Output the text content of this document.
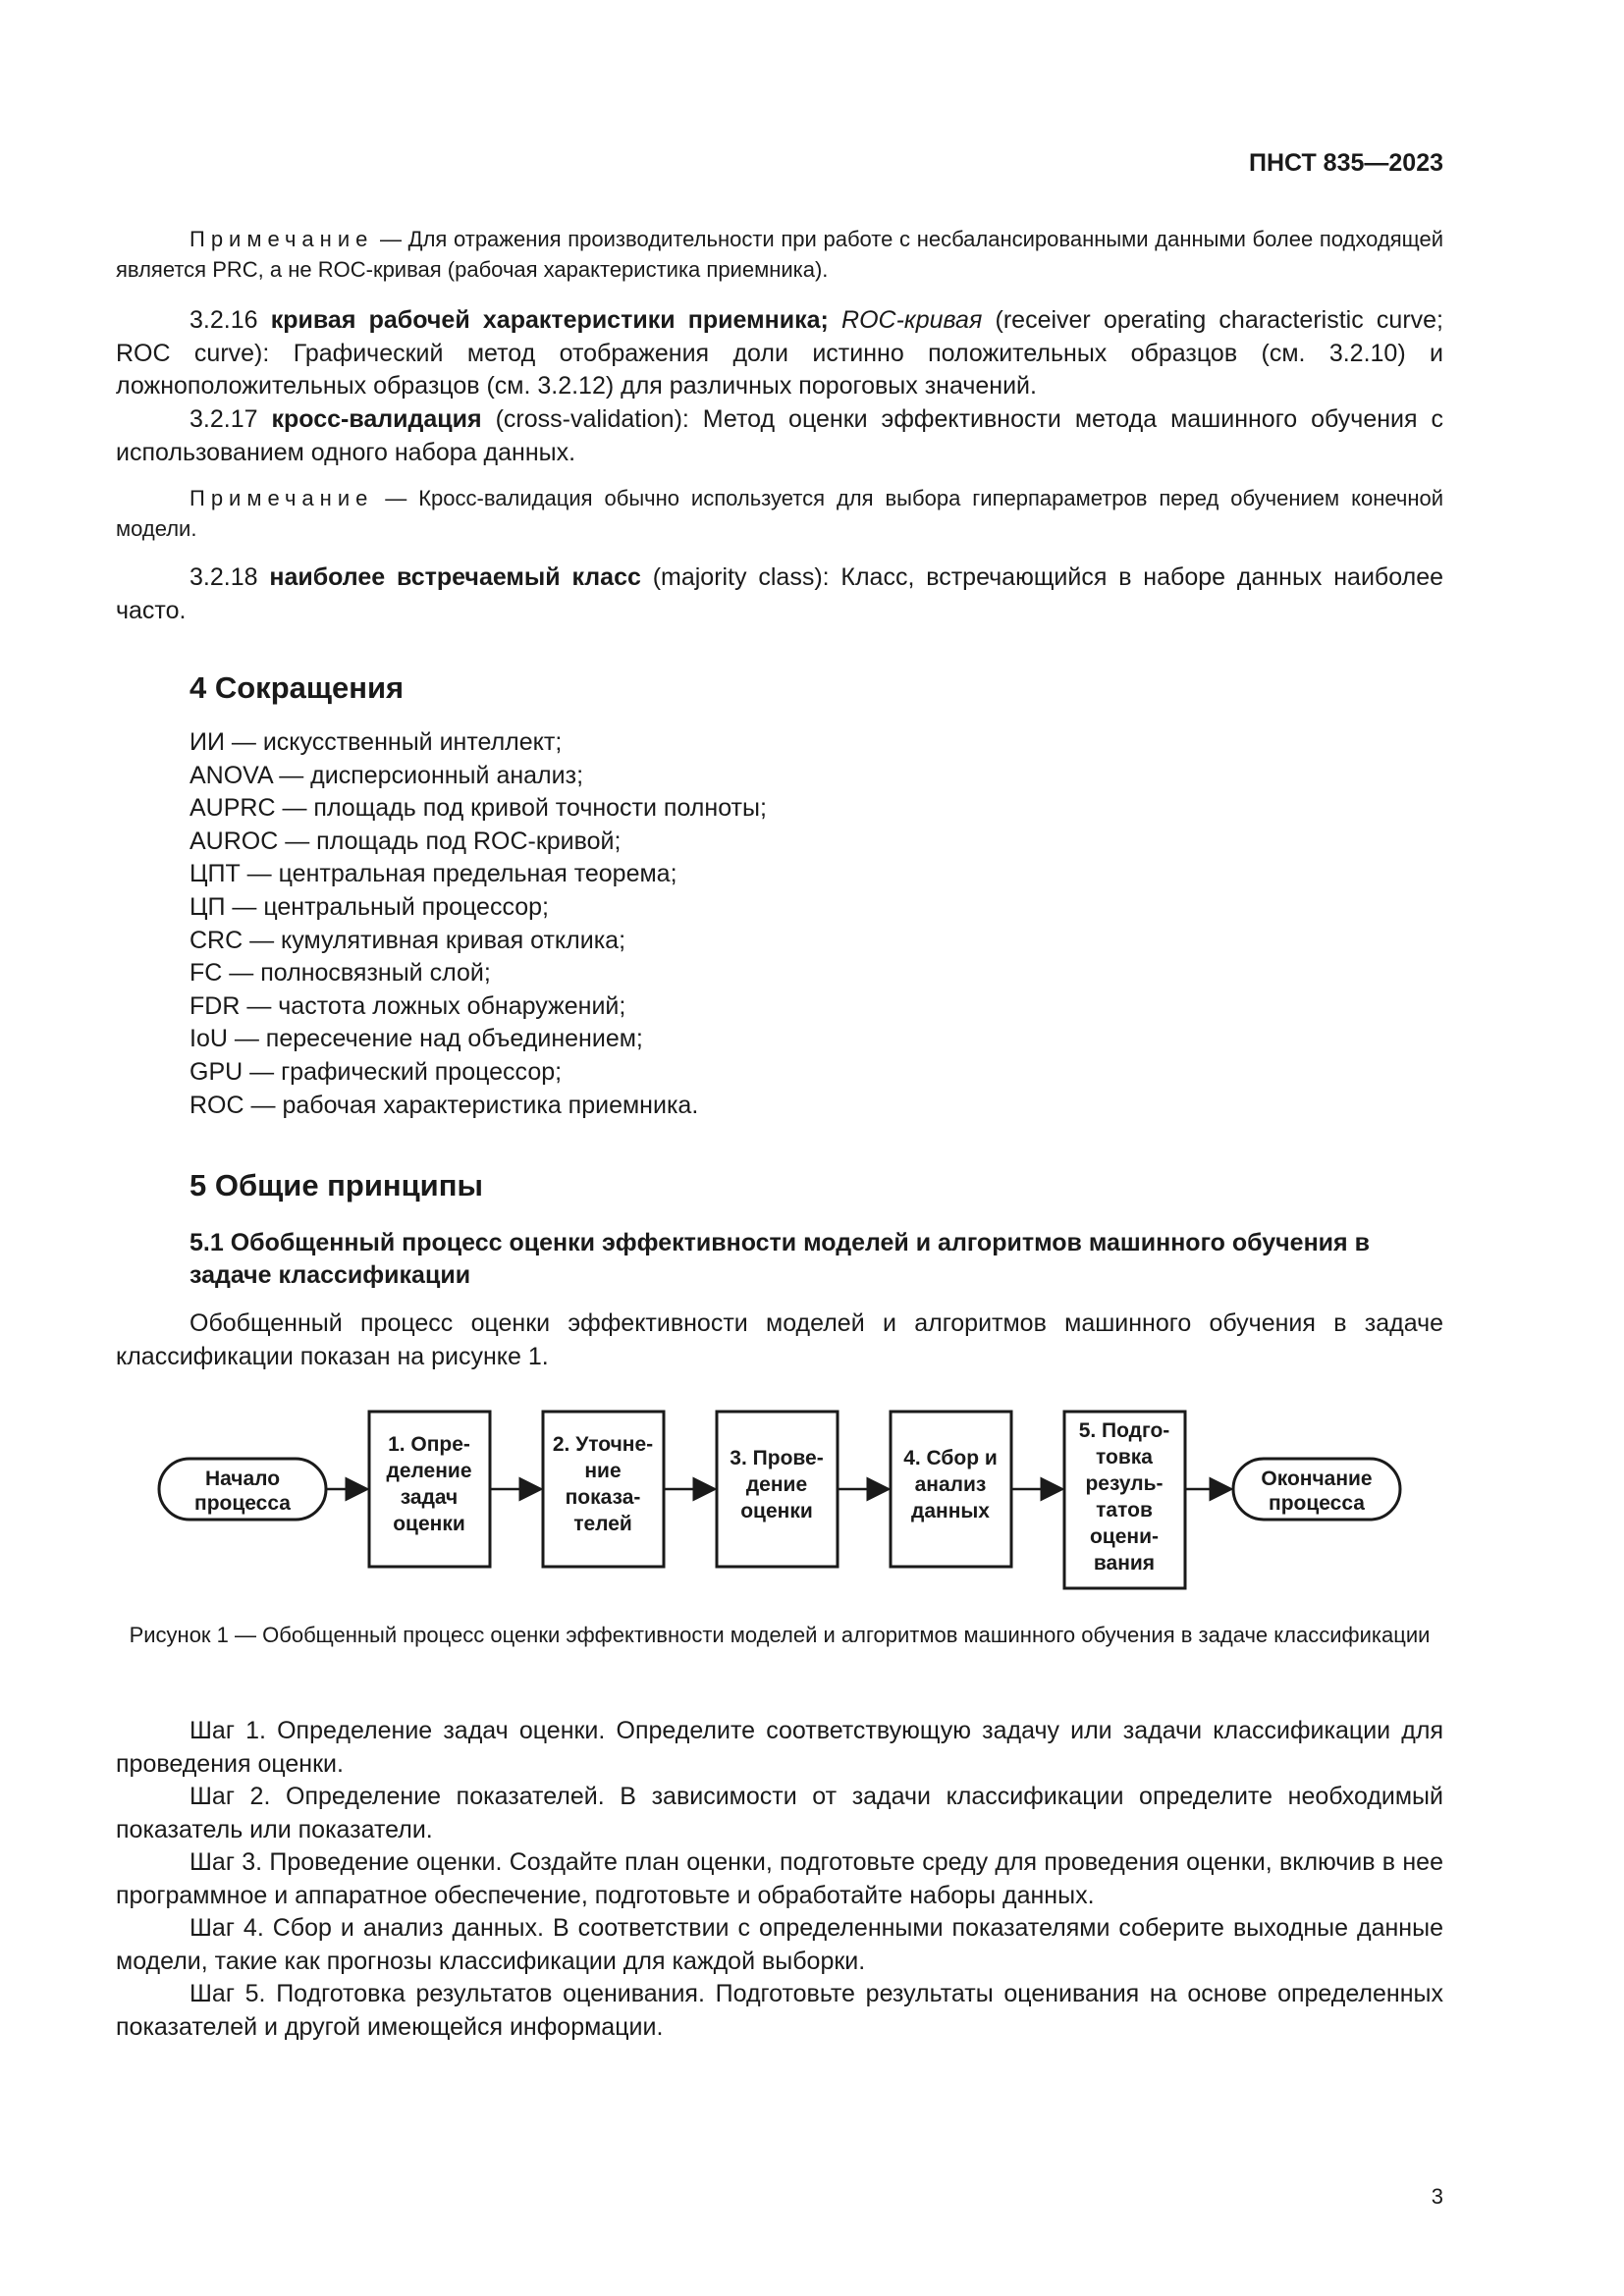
ПНСТ 835—2023

Примечание — Для отражения производительности при работе с несбалансированными данными более подходящей является PRC, а не ROC-кривая (рабочая характеристика приемника).

3.2.16 кривая рабочей характеристики приемника; ROC-кривая (receiver operating characteristic curve; ROC curve): Графический метод отображения доли истинно положительных образцов (см. 3.2.10) и ложноположительных образцов (см. 3.2.12) для различных пороговых значений.

3.2.17 кросс-валидация (cross-validation): Метод оценки эффективности метода машинного обучения с использованием одного набора данных.

Примечание — Кросс-валидация обычно используется для выбора гиперпараметров перед обучением конечной модели.

3.2.18 наиболее встречаемый класс (majority class): Класс, встречающийся в наборе данных наиболее часто.

4 Сокращения
ИИ — искусственный интеллект;
ANOVA — дисперсионный анализ;
AUPRC — площадь под кривой точности полноты;
AUROC — площадь под ROC-кривой;
ЦПТ — центральная предельная теорема;
ЦП — центральный процессор;
CRC — кумулятивная кривая отклика;
FC — полносвязный слой;
FDR — частота ложных обнаружений;
IoU — пересечение над объединением;
GPU — графический процессор;
ROC — рабочая характеристика приемника.
5 Общие принципы
5.1 Обобщенный процесс оценки эффективности моделей и алгоритмов машинного обучения в задаче классификации

Обобщенный процесс оценки эффективности моделей и алгоритмов машинного обучения в задаче классификации показан на рисунке 1.

Начало
процесса
1. Опре-
деление
задач
оценки
2. Уточне-
ние
показа-
телей
3. Прове-
дение
оценки
4. Сбор и
анализ
данных
5. Подго-
товка
резуль-
татов
оцени-
вания
Окончание
процесса
Рисунок 1 — Обобщенный процесс оценки эффективности моделей и алгоритмов машинного обучения в задаче классификации

Шаг 1. Определение задач оценки. Определите соответствующую задачу или задачи классификации для проведения оценки.

Шаг 2. Определение показателей. В зависимости от задачи классификации определите необходимый показатель или показатели.

Шаг 3. Проведение оценки. Создайте план оценки, подготовьте среду для проведения оценки, включив в нее программное и аппаратное обеспечение, подготовьте и обработайте наборы данных.

Шаг 4. Сбор и анализ данных. В соответствии с определенными показателями соберите выходные данные модели, такие как прогнозы классификации для каждой выборки.

Шаг 5. Подготовка результатов оценивания. Подготовьте результаты оценивания на основе определенных показателей и другой имеющейся информации.

3
